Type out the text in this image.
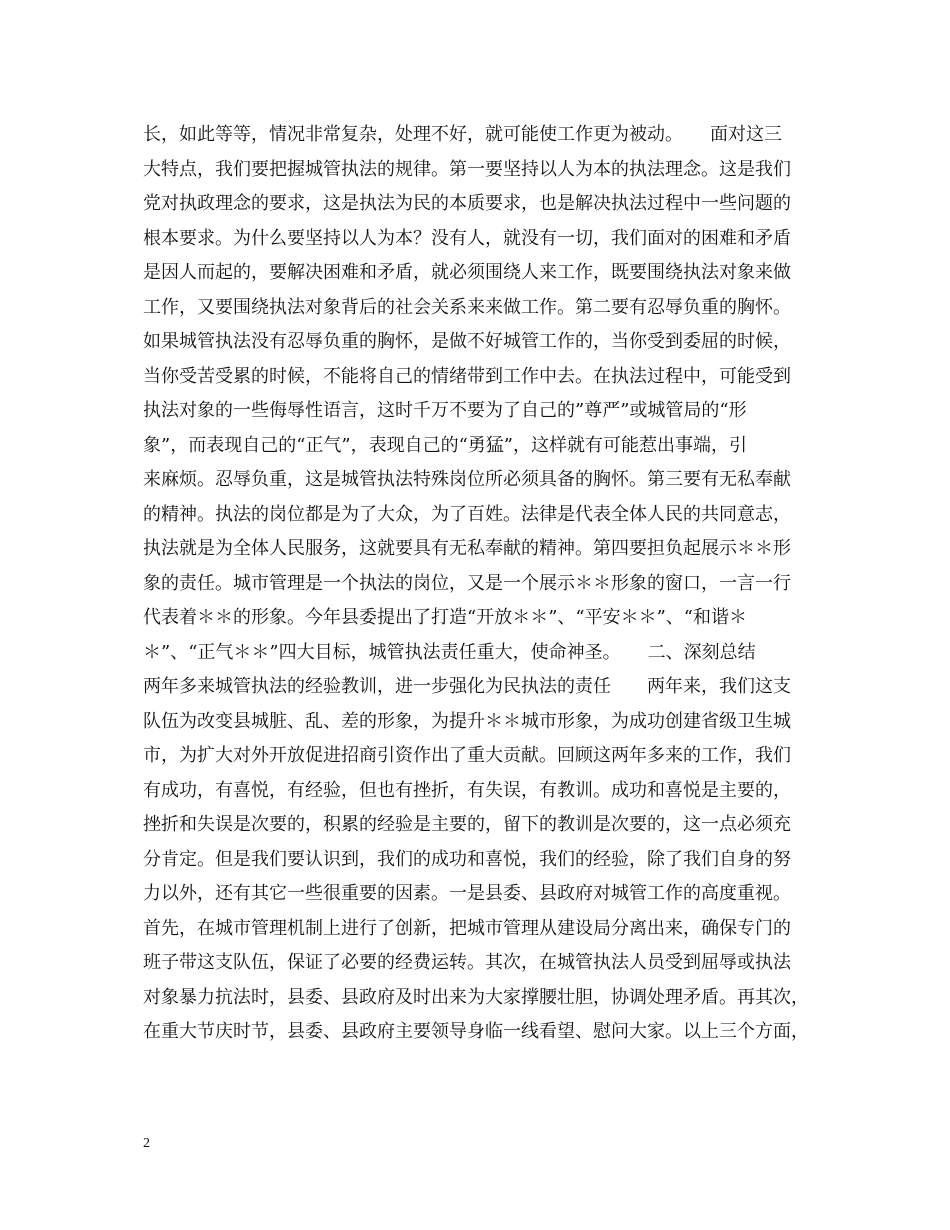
长，如此等等，情况非常复杂，处理不好，就可能使工作更为被动。　　面对这三
大特点，我们要把握城管执法的规律。第一要坚持以人为本的执法理念。这是我们
党对执政理念的要求，这是执法为民的本质要求，也是解决执法过程中一些问题的
根本要求。为什么要坚持以人为本？没有人，就没有一切，我们面对的困难和矛盾
是因人而起的，要解决困难和矛盾，就必须围绕人来工作，既要围绕执法对象来做
工作，又要围绕执法对象背后的社会关系来来做工作。第二要有忍辱负重的胸怀。
如果城管执法没有忍辱负重的胸怀，是做不好城管工作的，当你受到委屈的时候，
当你受苦受累的时候，不能将自己的情绪带到工作中去。在执法过程中，可能受到
执法对象的一些侮辱性语言，这时千万不要为了自己的”尊严”或城管局的“形
象”，而表现自己的“正气”，表现自己的“勇猛”，这样就有可能惹出事端，引
来麻烦。忍辱负重，这是城管执法特殊岗位所必须具备的胸怀。第三要有无私奉献
的精神。执法的岗位都是为了大众，为了百姓。法律是代表全体人民的共同意志，
执法就是为全体人民服务，这就要具有无私奉献的精神。第四要担负起展示＊＊形
象的责任。城市管理是一个执法的岗位，又是一个展示＊＊形象的窗口，一言一行
代表着＊＊的形象。今年县委提出了打造“开放＊＊”、“平安＊＊”、“和谐＊
＊”、“正气＊＊”四大目标，城管执法责任重大，使命神圣。　　二、深刻总结
两年多来城管执法的经验教训，进一步强化为民执法的责任　　两年来，我们这支
队伍为改变县城脏、乱、差的形象，为提升＊＊城市形象，为成功创建省级卫生城
市，为扩大对外开放促进招商引资作出了重大贡献。回顾这两年多来的工作，我们
有成功，有喜悦，有经验，但也有挫折，有失误，有教训。成功和喜悦是主要的，
挫折和失误是次要的，积累的经验是主要的，留下的教训是次要的，这一点必须充
分肯定。但是我们要认识到，我们的成功和喜悦，我们的经验，除了我们自身的努
力以外，还有其它一些很重要的因素。一是县委、县政府对城管工作的高度重视。
首先，在城市管理机制上进行了创新，把城市管理从建设局分离出来，确保专门的
班子带这支队伍，保证了必要的经费运转。其次，在城管执法人员受到屈辱或执法
对象暴力抗法时，县委、县政府及时出来为大家撑腰壮胆，协调处理矛盾。再其次，
在重大节庆时节，县委、县政府主要领导身临一线看望、慰问大家。以上三个方面，
2
